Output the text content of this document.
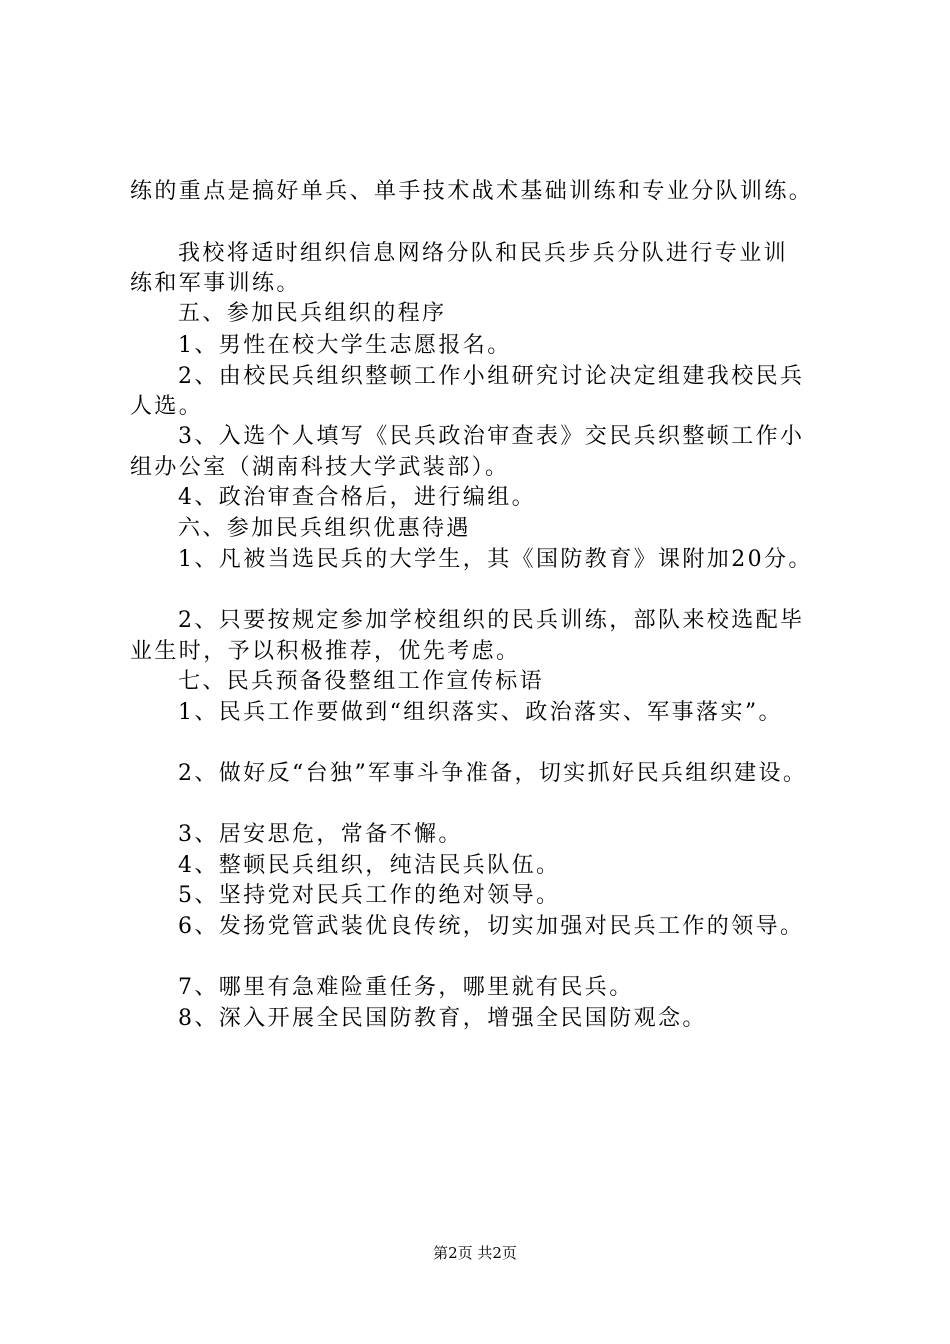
练的重点是搞好单兵、单手技术战术基础训练和专业分队训练。
我校将适时组织信息网络分队和民兵步兵分队进行专业训
练和军事训练。
五、参加民兵组织的程序
1、男性在校大学生志愿报名。
2、由校民兵组织整顿工作小组研究讨论决定组建我校民兵
人选。
3、入选个人填写《民兵政治审查表》交民兵织整顿工作小
组办公室（湖南科技大学武装部）。
4、政治审查合格后，进行编组。
六、参加民兵组织优惠待遇
1、凡被当选民兵的大学生，其《国防教育》课附加20分。
2、只要按规定参加学校组织的民兵训练，部队来校选配毕
业生时，予以积极推荐，优先考虑。
七、民兵预备役整组工作宣传标语
1、民兵工作要做到“组织落实、政治落实、军事落实”。
2、做好反“台独”军事斗争准备，切实抓好民兵组织建设。
3、居安思危，常备不懈。
4、整顿民兵组织，纯洁民兵队伍。
5、坚持党对民兵工作的绝对领导。
6、发扬党管武装优良传统，切实加强对民兵工作的领导。
7、哪里有急难险重任务，哪里就有民兵。
8、深入开展全民国防教育，增强全民国防观念。
第2页 共2页
